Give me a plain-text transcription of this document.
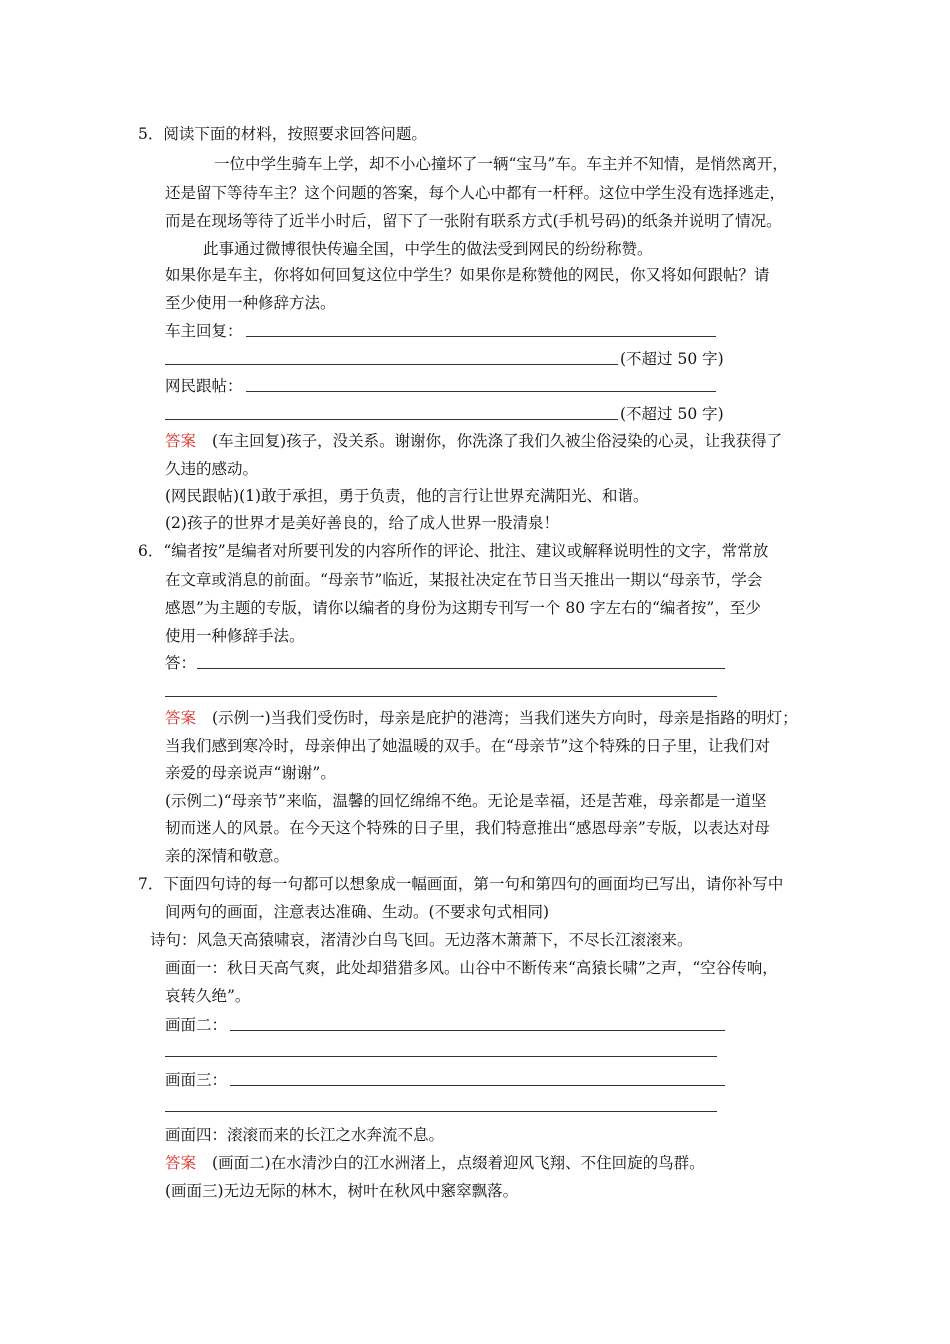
5．阅读下面的材料，按照要求回答问题。
一位中学生骑车上学，却不小心撞坏了一辆“宝马”车。车主并不知情，是悄然离开，
还是留下等待车主？这个问题的答案，每个人心中都有一杆秤。这位中学生没有选择逃走，
而是在现场等待了近半小时后，留下了一张附有联系方式(手机号码)的纸条并说明了情况。
此事通过微博很快传遍全国，中学生的做法受到网民的纷纷称赞。
如果你是车主，你将如何回复这位中学生？如果你是称赞他的网民，你又将如何跟帖？请
至少使用一种修辞方法。
车主回复：
(不超过 50 字)
网民跟帖：
(不超过 50 字)
答案 (车主回复)孩子，没关系。谢谢你，你洗涤了我们久被尘俗浸染的心灵，让我获得了
久违的感动。
(网民跟帖)(1)敢于承担，勇于负责，他的言行让世界充满阳光、和谐。
(2)孩子的世界才是美好善良的，给了成人世界一股清泉！
6．“编者按”是编者对所要刊发的内容所作的评论、批注、建议或解释说明性的文字，常常放
在文章或消息的前面。“母亲节”临近，某报社决定在节日当天推出一期以“母亲节，学会
感恩”为主题的专版，请你以编者的身份为这期专刊写一个 80 字左右的“编者按”，至少
使用一种修辞手法。
答：
答案 (示例一)当我们受伤时，母亲是庇护的港湾；当我们迷失方向时，母亲是指路的明灯；
当我们感到寒冷时，母亲伸出了她温暖的双手。在“母亲节”这个特殊的日子里，让我们对
亲爱的母亲说声“谢谢”。
(示例二)“母亲节”来临，温馨的回忆绵绵不绝。无论是幸福，还是苦难，母亲都是一道坚
韧而迷人的风景。在今天这个特殊的日子里，我们特意推出“感恩母亲”专版，以表达对母
亲的深情和敬意。
7．下面四句诗的每一句都可以想象成一幅画面，第一句和第四句的画面均已写出，请你补写中
间两句的画面，注意表达准确、生动。(不要求句式相同)
诗句：风急天高猿啸哀，渚清沙白鸟飞回。无边落木萧萧下，不尽长江滚滚来。
画面一：秋日天高气爽，此处却猎猎多风。山谷中不断传来“高猿长啸”之声，“空谷传响，
哀转久绝”。
画面二：
画面三：
画面四：滚滚而来的长江之水奔流不息。
答案 (画面二)在水清沙白的江水洲渚上，点缀着迎风飞翔、不住回旋的鸟群。
(画面三)无边无际的林木，树叶在秋风中窸窣飘落。
